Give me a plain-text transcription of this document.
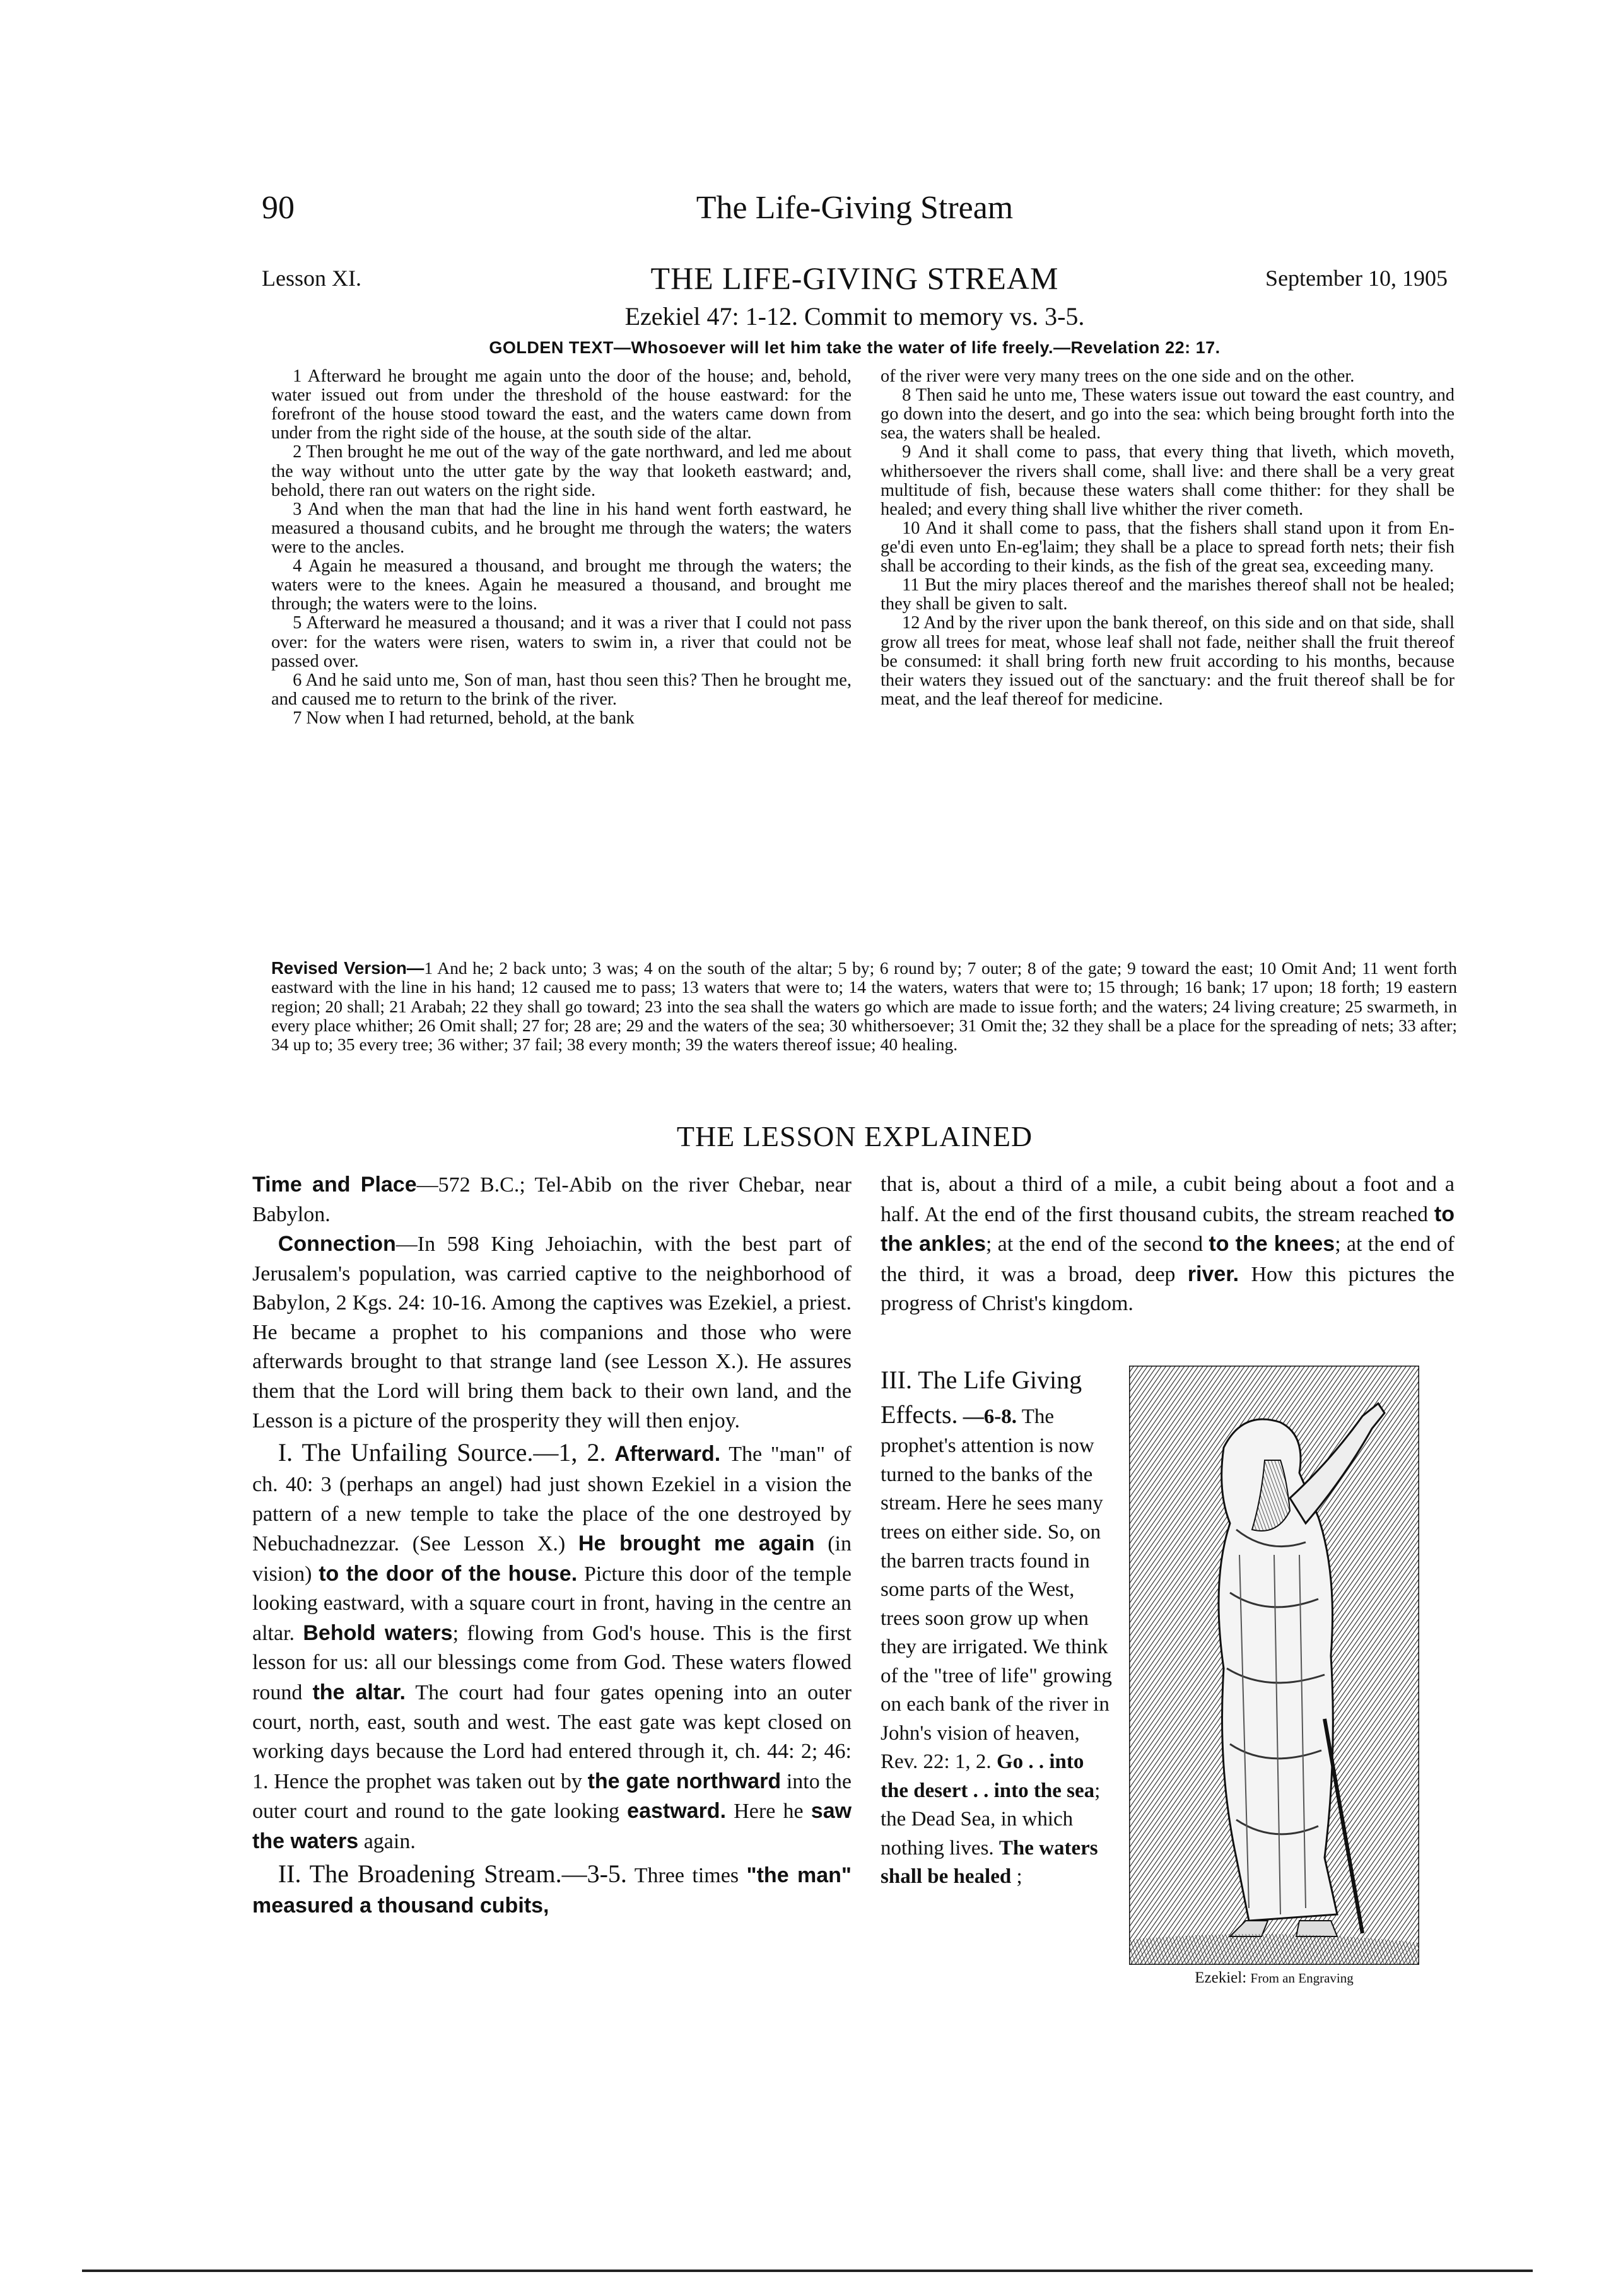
90	The Life-Giving Stream
Lesson XI.	THE LIFE-GIVING STREAM	September 10, 1905
Ezekiel 47: 1-12. Commit to memory vs. 3-5.
GOLDEN TEXT—Whosoever will let him take the water of life freely.—Revelation 22: 17.

1 Afterward he brought me again unto the door of the house; and, behold, water issued out from under the threshold of the house eastward: for the forefront of the house stood toward the east, and the waters came down from under from the right side of the house, at the south side of the altar.

2 Then brought he me out of the way of the gate northward, and led me about the way without unto the utter gate by the way that looketh eastward; and, behold, there ran out waters on the right side.

3 And when the man that had the line in his hand went forth eastward, he measured a thousand cubits, and he brought me through the waters; the waters were to the ancles.

4 Again he measured a thousand, and brought me through the waters; the waters were to the knees. Again he measured a thousand, and brought me through; the waters were to the loins.

5 Afterward he measured a thousand; and it was a river that I could not pass over: for the waters were risen, waters to swim in, a river that could not be passed over.

6 And he said unto me, Son of man, hast thou seen this? Then he brought me, and caused me to return to the brink of the river.

7 Now when I had returned, behold, at the bank

of the river were very many trees on the one side and on the other.

8 Then said he unto me, These waters issue out toward the east country, and go down into the desert, and go into the sea: which being brought forth into the sea, the waters shall be healed.

9 And it shall come to pass, that every thing that liveth, which moveth, whithersoever the rivers shall come, shall live: and there shall be a very great multitude of fish, because these waters shall come thither: for they shall be healed; and every thing shall live whither the river cometh.

10 And it shall come to pass, that the fishers shall stand upon it from En-ge'di even unto En-eg'laim; they shall be a place to spread forth nets; their fish shall be according to their kinds, as the fish of the great sea, exceeding many.

11 But the miry places thereof and the marishes thereof shall not be healed; they shall be given to salt.

12 And by the river upon the bank thereof, on this side and on that side, shall grow all trees for meat, whose leaf shall not fade, neither shall the fruit thereof be consumed: it shall bring forth new fruit according to his months, because their waters they issued out of the sanctuary: and the fruit thereof shall be for meat, and the leaf thereof for medicine.

Revised Version—1 And he; 2 back unto; 3 was; 4 on the south of the altar; 5 by; 6 round by; 7 outer; 8 of the gate; 9 toward the east; 10 Omit And; 11 went forth eastward with the line in his hand; 12 caused me to pass; 13 waters that were to; 14 the waters, waters that were to; 15 through; 16 bank; 17 upon; 18 forth; 19 eastern region; 20 shall; 21 Arabah; 22 they shall go toward; 23 into the sea shall the waters go which are made to issue forth; and the waters; 24 living creature; 25 swarmeth, in every place whither; 26 Omit shall; 27 for; 28 are; 29 and the waters of the sea; 30 whithersoever; 31 Omit the; 32 they shall be a place for the spreading of nets; 33 after; 34 up to; 35 every tree; 36 wither; 37 fail; 38 every month; 39 the waters thereof issue; 40 healing.
THE LESSON EXPLAINED

Time and Place—572 B.C.; Tel-Abib on the river Chebar, near Babylon.

Connection—In 598 King Jehoiachin, with the best part of Jerusalem's population, was carried captive to the neighborhood of Babylon, 2 Kgs. 24: 10-16. Among the captives was Ezekiel, a priest. He became a prophet to his companions and those who were afterwards brought to that strange land (see Lesson X.). He assures them that the Lord will bring them back to their own land, and the Lesson is a picture of the prosperity they will then enjoy.

I. The Unfailing Source.—1, 2. Afterward. The "man" of ch. 40: 3 (perhaps an angel) had just shown Ezekiel in a vision the pattern of a new temple to take the place of the one destroyed by Nebuchadnezzar. (See Lesson X.) He brought me again (in vision) to the door of the house. Picture this door of the temple looking eastward, with a square court in front, having in the centre an altar. Behold waters; flowing from God's house. This is the first lesson for us: all our blessings come from God. These waters flowed round the altar. The court had four gates opening into an outer court, north, east, south and west. The east gate was kept closed on working days because the Lord had entered through it, ch. 44: 2; 46: 1. Hence the prophet was taken out by the gate northward into the outer court and round to the gate looking eastward. Here he saw the waters again.

II. The Broadening Stream.—3-5. Three times "the man" measured a thousand cubits,

that is, about a third of a mile, a cubit being about a foot and a half. At the end of the first thousand cubits, the stream reached to the ankles; at the end of the second to the knees; at the end of the third, it was a broad, deep river. How this pictures the progress of Christ's kingdom.

III. The Life Giving Effects. —6-8. The prophet's attention is now turned to the banks of the stream. Here he sees many trees on either side. So, on the barren tracts found in some parts of the West, trees soon grow up when they are irrigated. We think of the "tree of life" growing on each bank of the river in John's vision of heaven, Rev. 22: 1, 2. Go . . into the desert . . into the sea; the Dead Sea, in which nothing lives. The waters shall be healed ;
Ezekiel: From an Engraving
